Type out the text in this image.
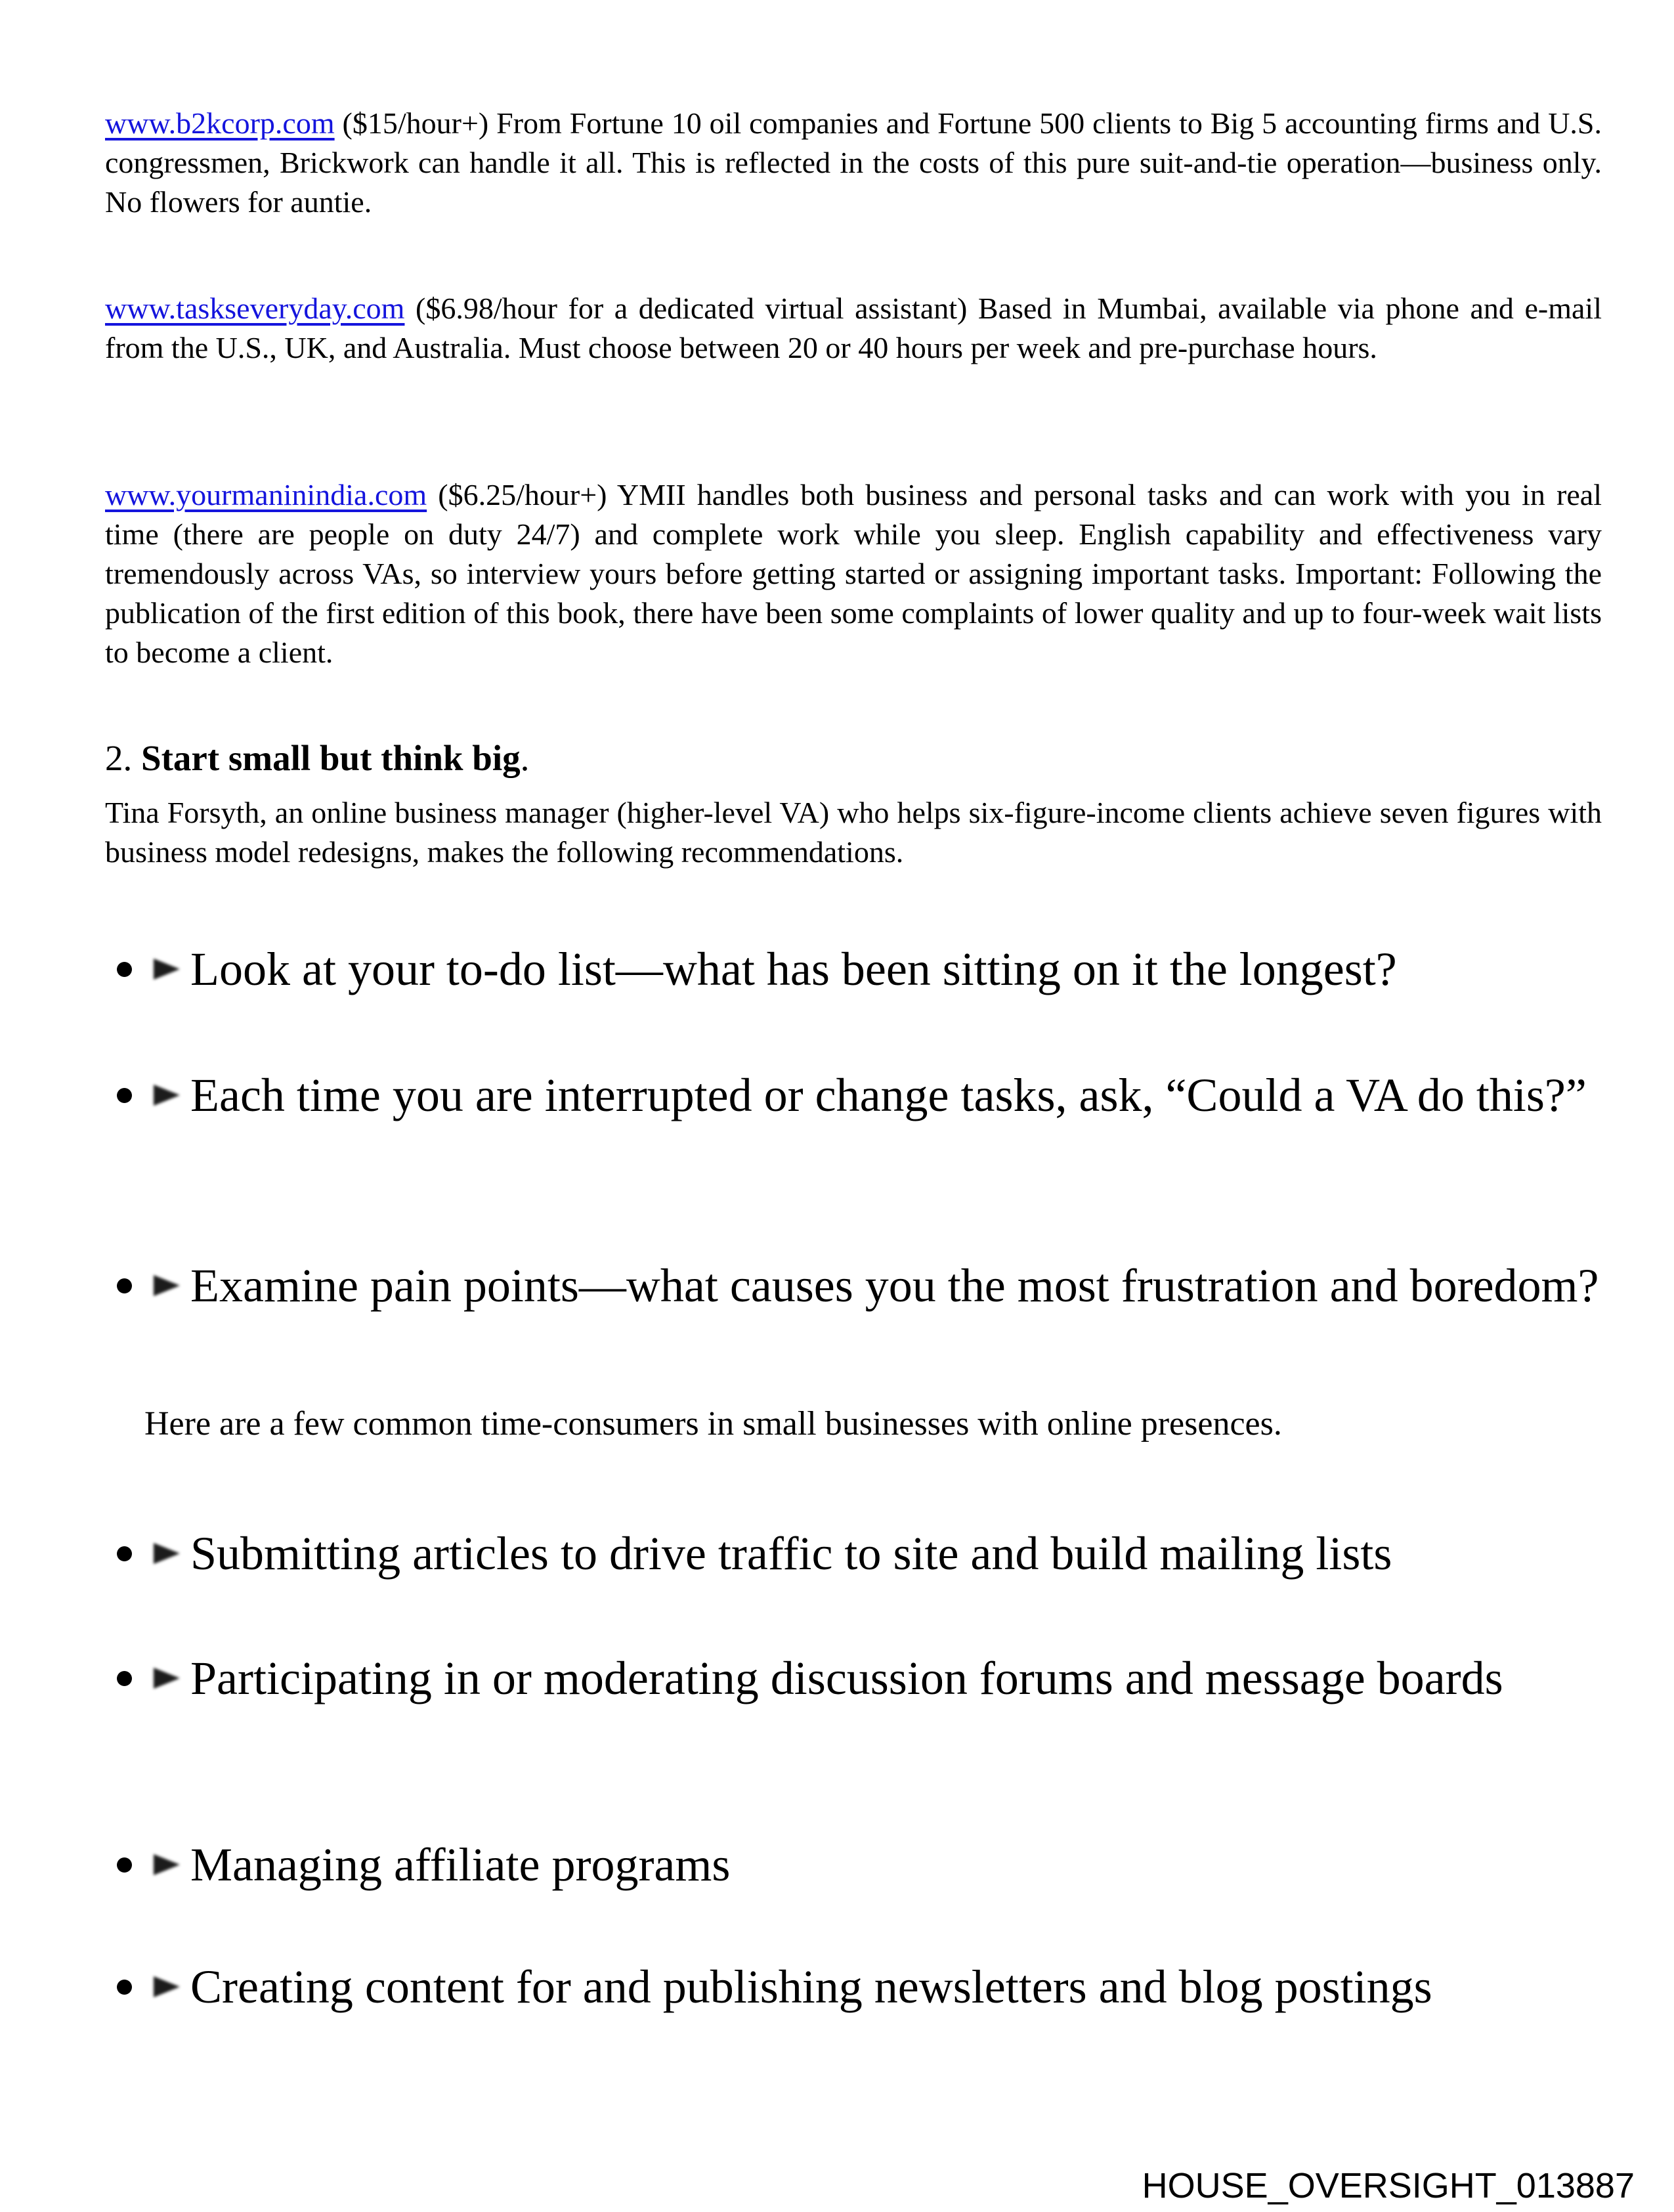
www.b2kcorp.com ($15/hour+) From Fortune 10 oil companies and Fortune 500 clients to Big 5 accounting firms and U.S. congressmen, Brickwork can handle it all. This is reflected in the costs of this pure suit-and-tie operation—business only. No flowers for auntie.

www.taskseveryday.com ($6.98/hour for a dedicated virtual assistant) Based in Mumbai, available via phone and e-mail from the U.S., UK, and Australia. Must choose between 20 or 40 hours per week and pre-purchase hours.

www.yourmaninindia.com ($6.25/hour+) YMII handles both business and personal tasks and can work with you in real time (there are people on duty 24/7) and complete work while you sleep. English capability and effectiveness vary tremendously across VAs, so interview yours before getting started or assigning important tasks. Important: Following the publication of the first edition of this book, there have been some complaints of lower quality and up to four-week wait lists to become a client.

2. Start small but think big.

Tina Forsyth, an online business manager (higher-level VA) who helps six-figure-income clients achieve seven figures with business model redesigns, makes the following recommendations.

Look at your to-do list—what has been sitting on it the longest?
Each time you are interrupted or change tasks, ask, “Could a VA do this?”
Examine pain points—what causes you the most frustration and boredom?

Here are a few common time-consumers in small businesses with online presences.

Submitting articles to drive traffic to site and build mailing lists
Participating in or moderating discussion forums and message boards
Managing affiliate programs
Creating content for and publishing newsletters and blog postings

HOUSE_OVERSIGHT_013887
